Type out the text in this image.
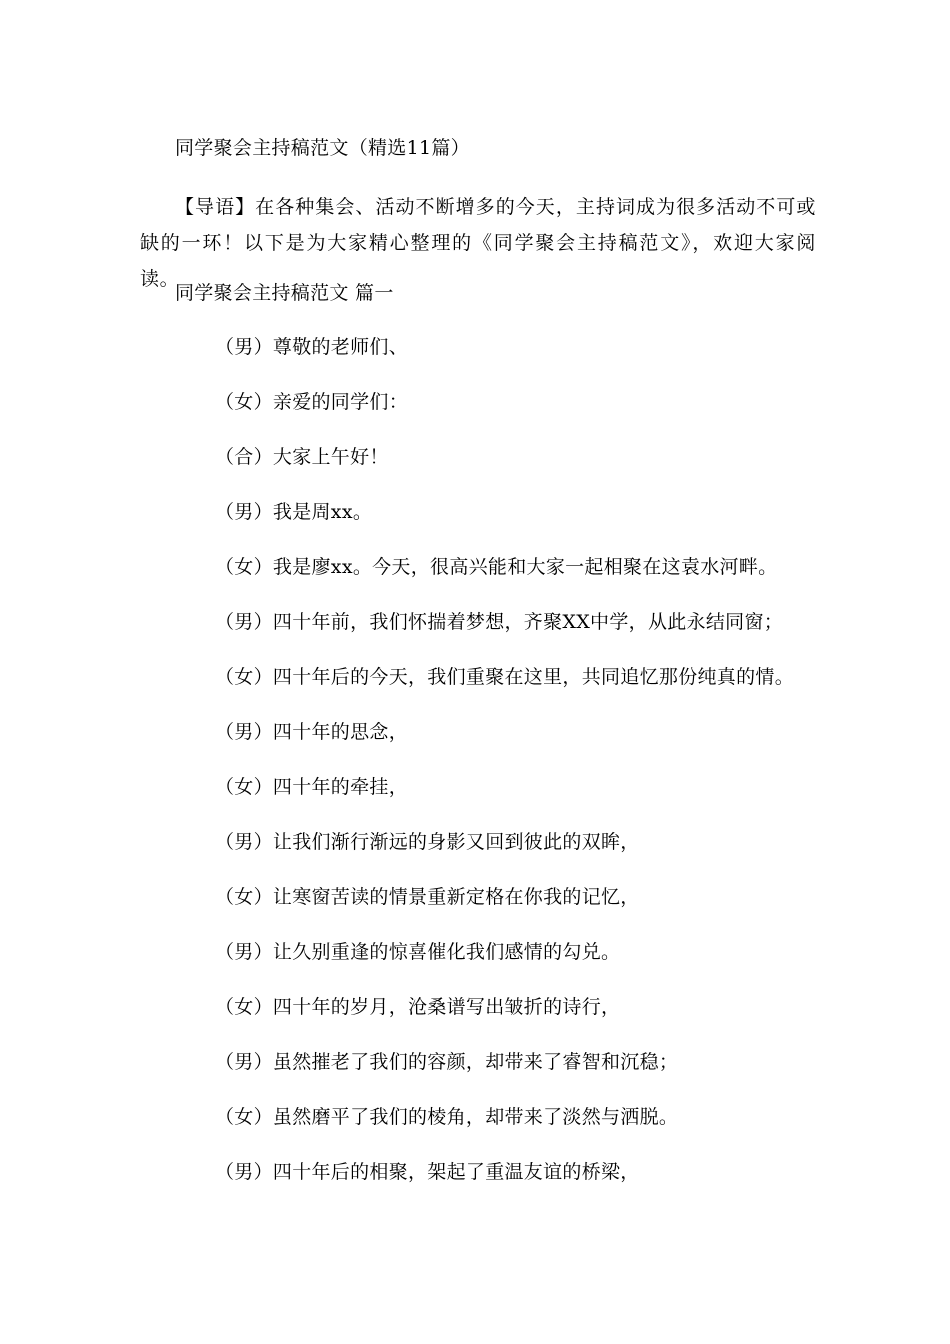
同学聚会主持稿范文（精选11篇）
【导语】在各种集会、活动不断增多的今天，主持词成为很多活动不可或缺的一环！以下是为大家精心整理的《同学聚会主持稿范文》，欢迎大家阅读。
同学聚会主持稿范文 篇一
（男）尊敬的老师们、
（女）亲爱的同学们：
（合）大家上午好！
（男）我是周xx。
（女）我是廖xx。今天，很高兴能和大家一起相聚在这袁水河畔。
（男）四十年前，我们怀揣着梦想，齐聚XX中学，从此永结同窗；
（女）四十年后的今天，我们重聚在这里，共同追忆那份纯真的情。
（男）四十年的思念，
（女）四十年的牵挂，
（男）让我们渐行渐远的身影又回到彼此的双眸，
（女）让寒窗苦读的情景重新定格在你我的记忆，
（男）让久别重逢的惊喜催化我们感情的勾兑。
（女）四十年的岁月，沧桑谱写出皱折的诗行，
（男）虽然摧老了我们的容颜，却带来了睿智和沉稳；
（女）虽然磨平了我们的棱角，却带来了淡然与洒脱。
（男）四十年后的相聚，架起了重温友谊的桥梁，
